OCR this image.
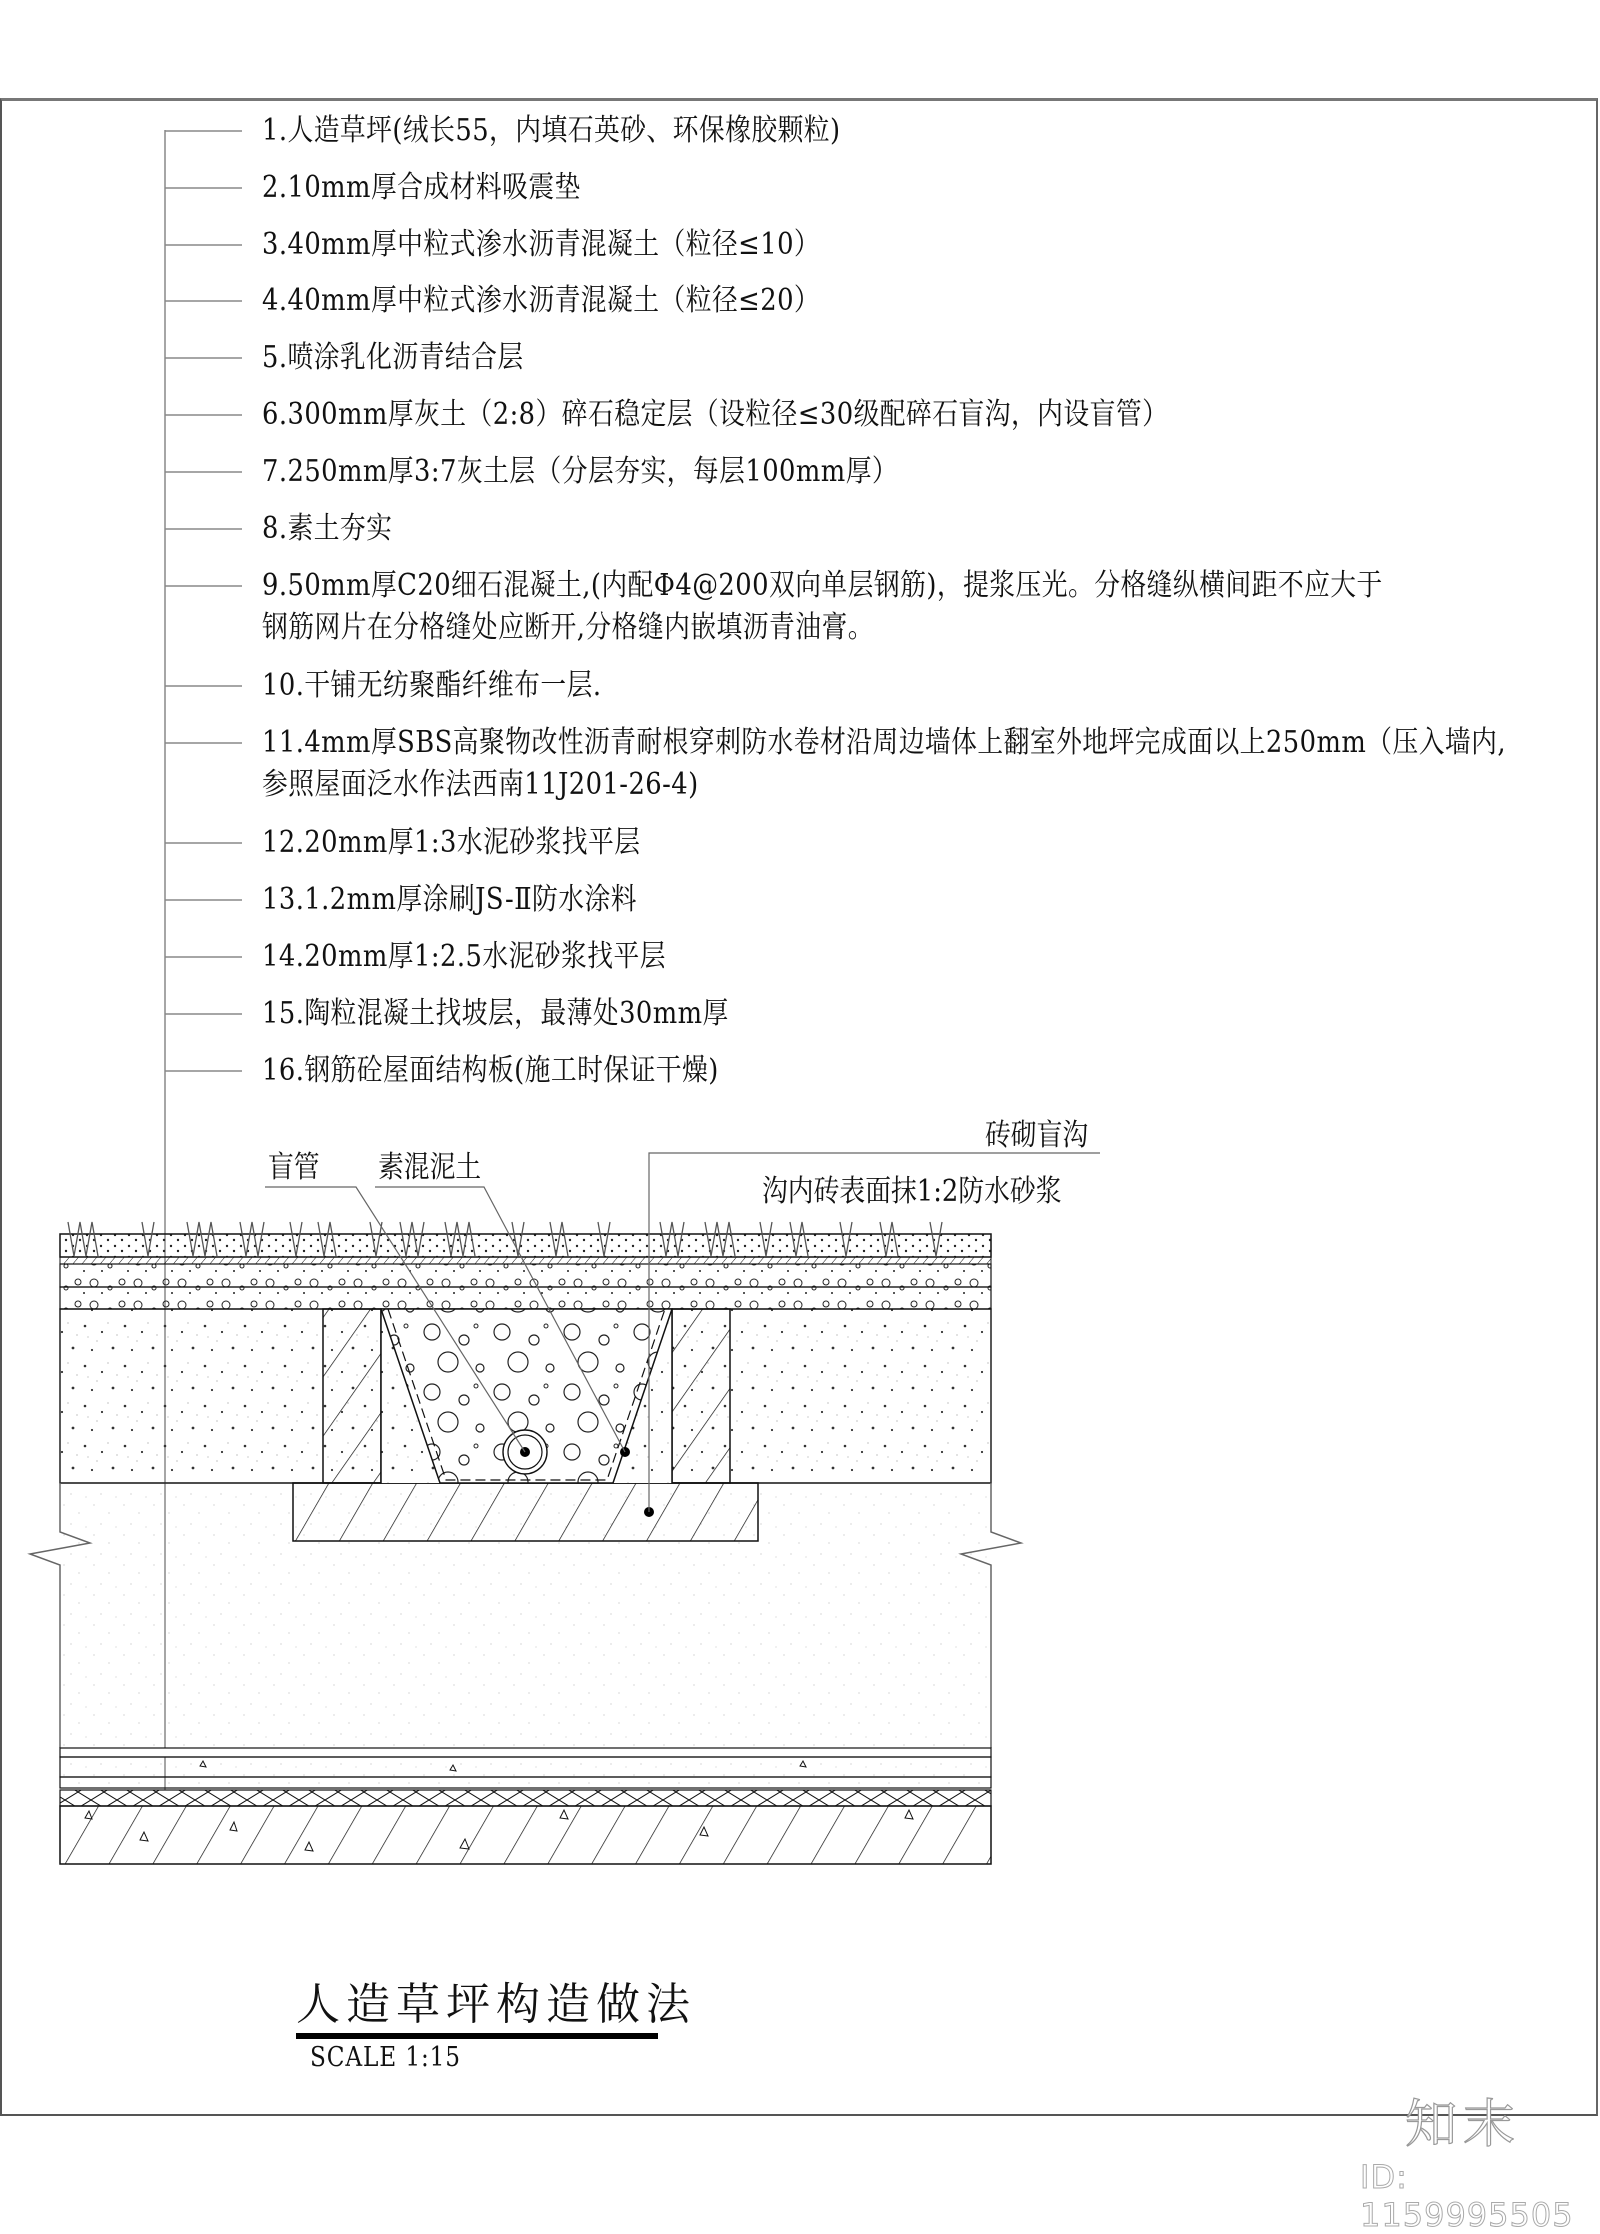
1.人造草坪(绒长55，内填石英砂、环保橡胶颗粒)
2.10mm厚合成材料吸震垫
3.40mm厚中粒式渗水沥青混凝土（粒径≤10）
4.40mm厚中粒式渗水沥青混凝土（粒径≤20）
5.喷涂乳化沥青结合层
6.300mm厚灰土（2:8）碎石稳定层（设粒径≤30级配碎石盲沟，内设盲管）
7.250mm厚3:7灰土层（分层夯实，每层100mm厚）
8.素土夯实
9.50mm厚C20细石混凝土,(内配Φ4@200双向单层钢筋)，提浆压光。分格缝纵横间距不应大于
钢筋网片在分格缝处应断开,分格缝内嵌填沥青油膏。
10.干铺无纺聚酯纤维布一层.
11.4mm厚SBS高聚物改性沥青耐根穿刺防水卷材沿周边墙体上翻室外地坪完成面以上250mm（压入墙内,
参照屋面泛水作法西南11J201-26-4)
12.20mm厚1:3水泥砂浆找平层
13.1.2mm厚涂刷JS-Ⅱ防水涂料
14.20mm厚1:2.5水泥砂浆找平层
15.陶粒混凝土找坡层，最薄处30mm厚
16.钢筋砼屋面结构板(施工时保证干燥)
盲管 素混泥土
砖砌盲沟
沟内砖表面抹1:2防水砂浆
人造草坪构造做法
SCALE 1:15
知末
ID: 1159995505
